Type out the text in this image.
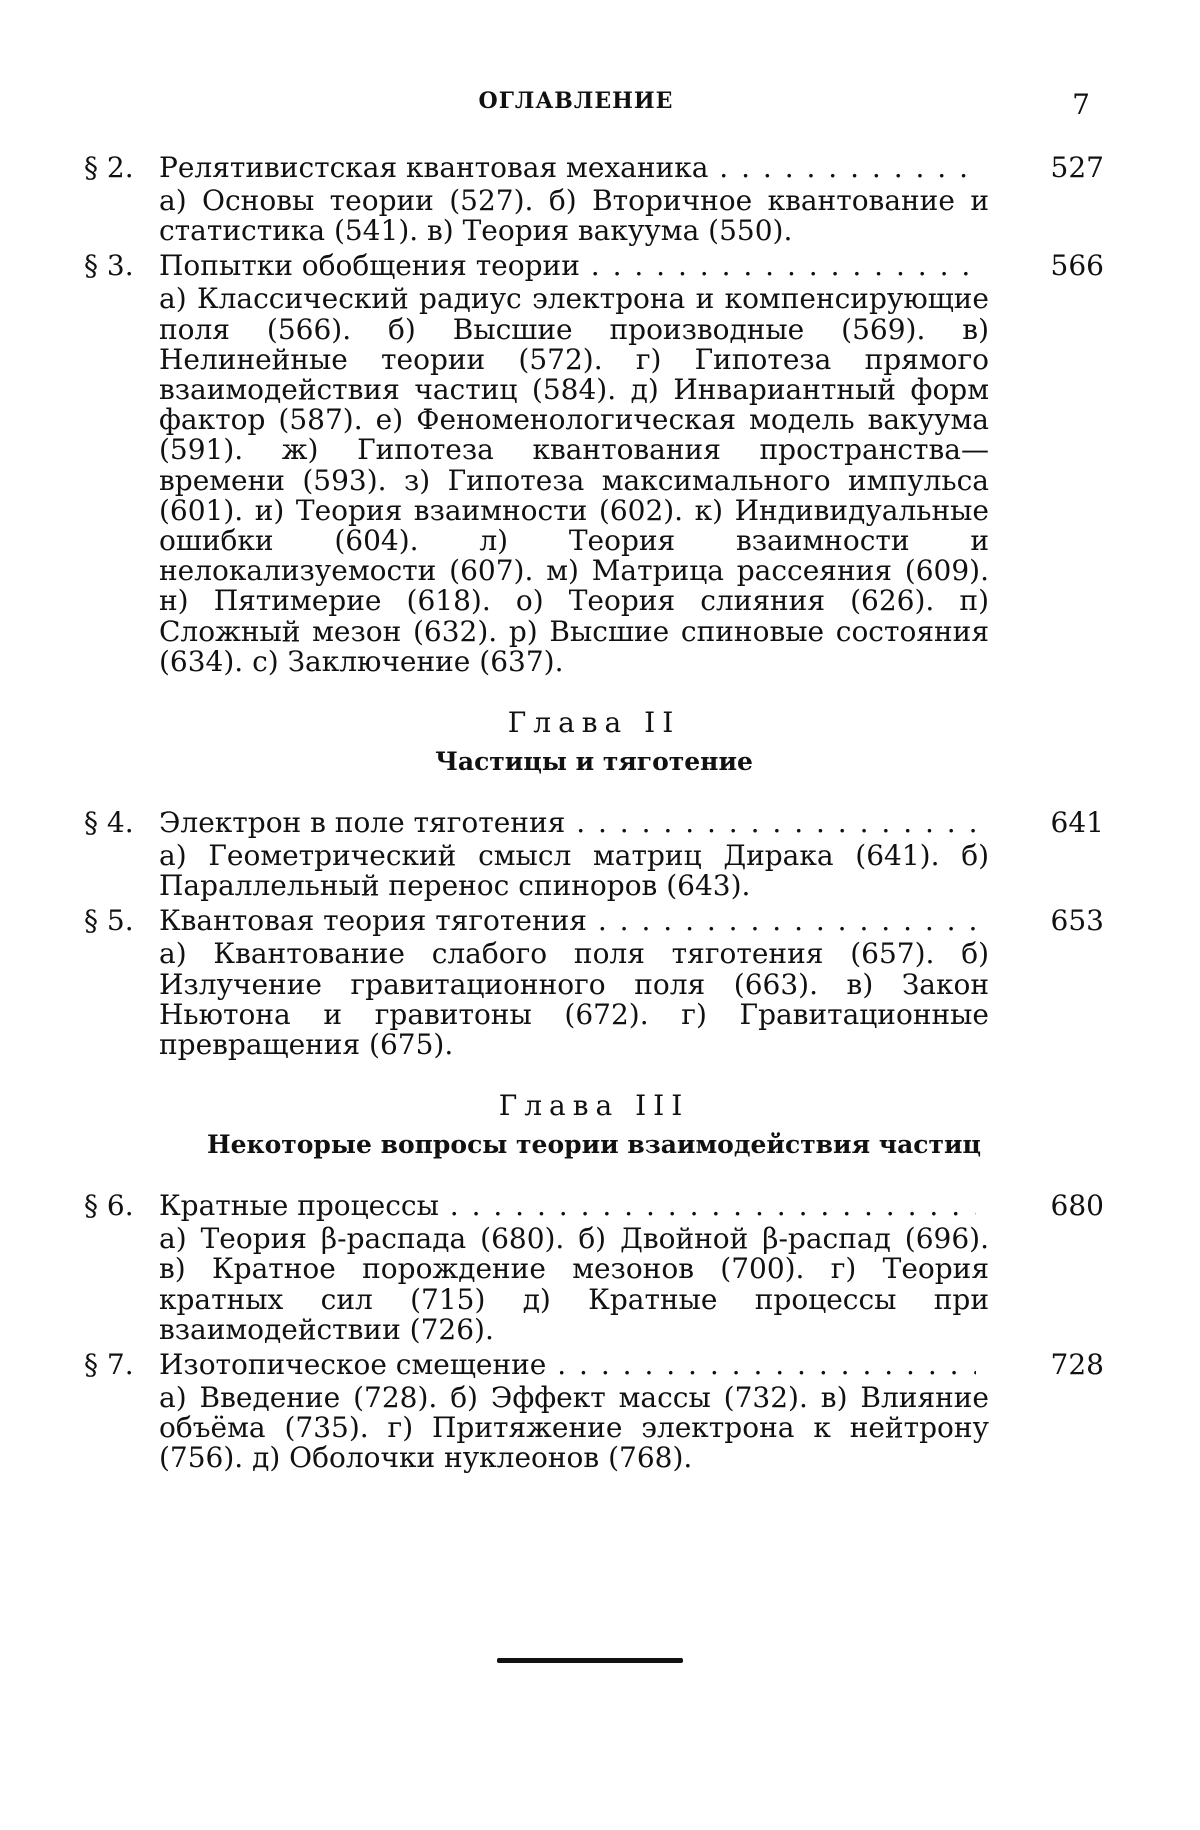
ОГЛАВЛЕНИЕ	7
§ 2. Релятивистская квантовая механика . . .	527
а) Основы теории (527). б) Вторичное квантование и статистика (541). в) Теория вакуума (550).
§ 3. Попытки обобщения теории . . .	566
а) Классический радиус электрона и компенсирующие поля (566). б) Высшие производные (569). в) Нелинейные теории (572). г) Гипотеза прямого взаимодействия частиц (584). д) Инвариантный форм фактор (587). е) Феноменологическая модель вакуума (591). ж) Гипотеза квантования пространства—времени (593). з) Гипотеза максимального импульса (601). и) Теория взаимности (602). к) Индивидуальные ошибки (604). л) Теория взаимности и нелокализуемости (607). м) Матрица рассеяния (609). н) Пятимерие (618). о) Теория слияния (626). п) Сложный мезон (632). р) Высшие спиновые состояния (634). с) Заключение (637).
Глава II
Частицы и тяготение
§ 4. Электрон в поле тяготения . . .	641
а) Геометрический смысл матриц Дирака (641). б) Параллельный перенос спиноров (643).
§ 5. Квантовая теория тяготения . . .	653
а) Квантование слабого поля тяготения (657). б) Излучение гравитационного поля (663). в) Закон Ньютона и гравитоны (672). г) Гравитационные превращения (675).
Глава III
Некоторые вопросы теории взаимодействия частиц
§ 6. Кратные процессы . . .	680
а) Теория β-распада (680). б) Двойной β-распад (696). в) Кратное порождение мезонов (700). г) Теория кратных сил (715) д) Кратные процессы при взаимодействии (726).
§ 7. Изотопическое смещение . . .	728
а) Введение (728). б) Эффект массы (732). в) Влияние объёма (735). г) Притяжение электрона к нейтрону (756). д) Оболочки нуклеонов (768).
